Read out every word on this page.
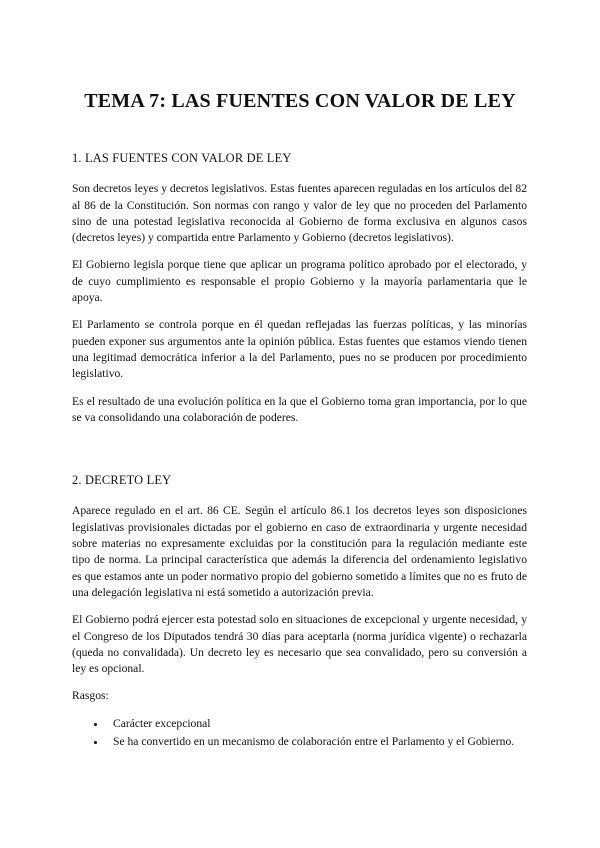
TEMA 7: LAS FUENTES CON VALOR DE LEY
1. LAS FUENTES CON VALOR DE LEY

Son decretos leyes y decretos legislativos. Estas fuentes aparecen reguladas en los artículos del 82 al 86 de la Constitución. Son normas con rango y valor de ley que no proceden del Parlamento sino de una potestad legislativa reconocida al Gobierno de forma exclusiva en algunos casos (decretos leyes) y compartida entre Parlamento y Gobierno (decretos legislativos).

El Gobierno legisla porque tiene que aplicar un programa político aprobado por el electorado, y de cuyo cumplimiento es responsable el propio Gobierno y la mayoría parlamentaria que le apoya.

El Parlamento se controla porque en él quedan reflejadas las fuerzas políticas, y las minorías pueden exponer sus argumentos ante la opinión pública. Estas fuentes que estamos viendo tienen una legitimad democrática inferior a la del Parlamento, pues no se producen por procedimiento legislativo.

Es el resultado de una evolución política en la que el Gobierno toma gran importancia, por lo que se va consolidando una colaboración de poderes.

2. DECRETO LEY

Aparece regulado en el art. 86 CE. Según el artículo 86.1 los decretos leyes son disposiciones legislativas provisionales dictadas por el gobierno en caso de extraordinaria y urgente necesidad sobre materias no expresamente excluidas por la constitución para la regulación mediante este tipo de norma. La principal característica que además la diferencia del ordenamiento legislativo es que estamos ante un poder normativo propio del gobierno sometido a límites que no es fruto de una delegación legislativa ni está sometido a autorización previa.

El Gobierno podrá ejercer esta potestad solo en situaciones de excepcional y urgente necesidad, y el Congreso de los Diputados tendrá 30 días para aceptarla (norma jurídica vigente) o rechazarla (queda no convalidada). Un decreto ley es necesario que sea convalidado, pero su conversión a ley es opcional.

Rasgos:

• Carácter excepcional
• Se ha convertido en un mecanismo de colaboración entre el Parlamento y el Gobierno.
